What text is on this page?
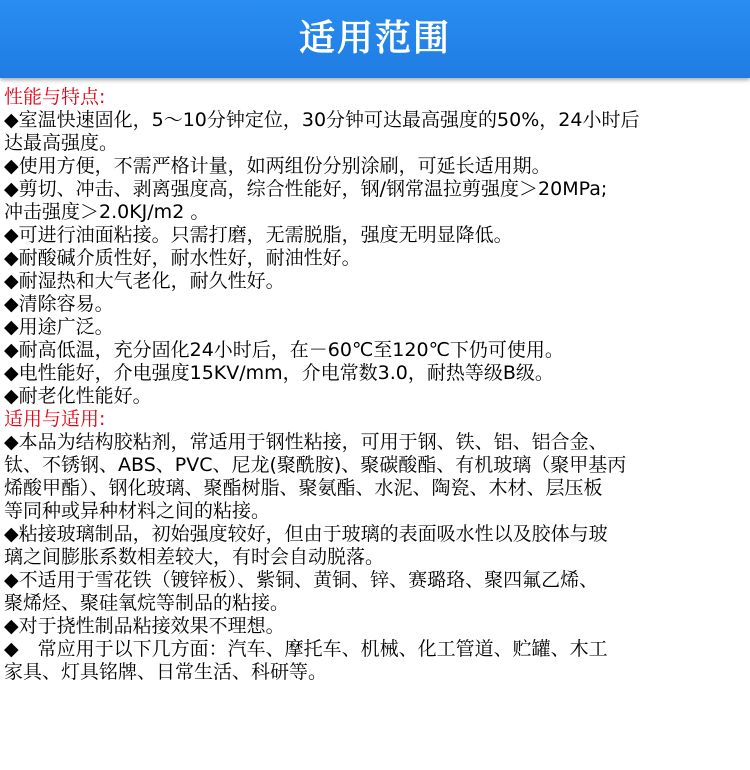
适用范围
性能与特点:
◆室温快速固化，5～10分钟定位，30分钟可达最高强度的50%，24小时后
达最高强度。
◆使用方便，不需严格计量，如两组份分别涂刷，可延长适用期。
◆剪切、冲击、剥离强度高，综合性能好，钢/钢常温拉剪强度＞20MPa;
冲击强度＞2.0KJ/m2 。
◆可进行油面粘接。只需打磨，无需脱脂，强度无明显降低。
◆耐酸碱介质性好，耐水性好，耐油性好。
◆耐湿热和大气老化，耐久性好。
◆清除容易。
◆用途广泛。
◆耐高低温，充分固化24小时后，在－60℃至120℃下仍可使用。
◆电性能好，介电强度15KV/mm，介电常数3.0，耐热等级B级。
◆耐老化性能好。
适用与适用:
◆本品为结构胶粘剂，常适用于钢性粘接，可用于钢、铁、铝、铝合金、
钛、不锈钢、ABS、PVC、尼龙(聚酰胺)、聚碳酸酯、有机玻璃（聚甲基丙
烯酸甲酯）、钢化玻璃、聚酯树脂、聚氨酯、水泥、陶瓷、木材、层压板
等同种或异种材料之间的粘接。
◆粘接玻璃制品，初始强度较好，但由于玻璃的表面吸水性以及胶体与玻
璃之间膨胀系数相差较大，有时会自动脱落。
◆不适用于雪花铁（镀锌板）、紫铜、黄铜、锌、赛璐珞、聚四氟乙烯、
聚烯烃、聚硅氧烷等制品的粘接。
◆对于挠性制品粘接效果不理想。
◆　常应用于以下几方面：汽车、摩托车、机械、化工管道、贮罐、木工
家具、灯具铭牌、日常生活、科研等。
